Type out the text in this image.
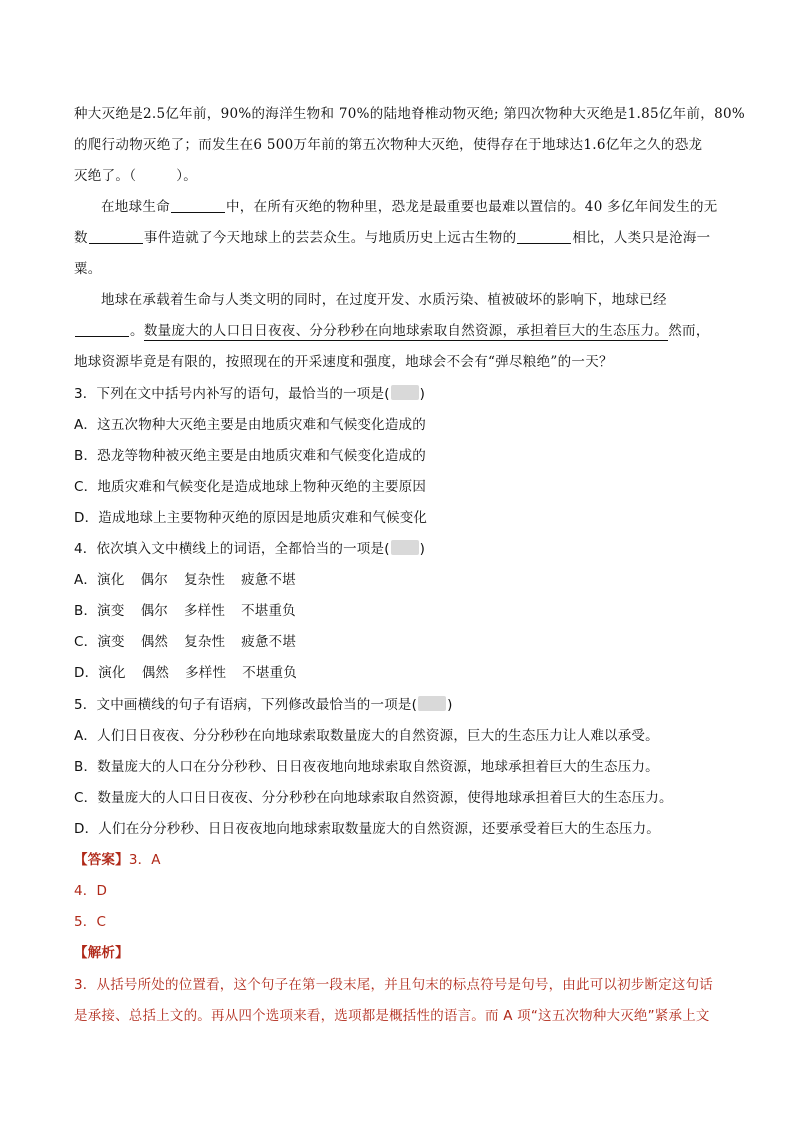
种大灭绝是2.5亿年前，90%的海洋生物和 70%的陆地脊椎动物灭绝; 第四次物种大灭绝是1.85亿年前，80%
的爬行动物灭绝了；而发生在6 500万年前的第五次物种大灭绝，使得存在于地球达1.6亿年之久的恐龙
灭绝了。（	）。
在地球生命	中，在所有灭绝的物种里，恐龙是最重要也最难以置信的。40 多亿年间发生的无
数	事件造就了今天地球上的芸芸众生。与地质历史上远古生物的	相比，人类只是沧海一
粟。
地球在承载着生命与人类文明的同时，在过度开发、水质污染、植被破坏的影响下，地球已经
。数量庞大的人口日日夜夜、分分秒秒在向地球索取自然资源，承担着巨大的生态压力。然而，
地球资源毕竟是有限的，按照现在的开采速度和强度，地球会不会有“弹尽粮绝”的一天？
3．下列在文中括号内补写的语句，最恰当的一项是( )
A．这五次物种大灭绝主要是由地质灾难和气候变化造成的
B．恐龙等物种被灭绝主要是由地质灾难和气候变化造成的
C．地质灾难和气候变化是造成地球上物种灭绝的主要原因
D．造成地球上主要物种灭绝的原因是地质灾难和气候变化
4．依次填入文中横线上的词语，全都恰当的一项是( )
A．演化 偶尔 复杂性 疲惫不堪
B．演变 偶尔 多样性 不堪重负
C．演变 偶然 复杂性 疲惫不堪
D．演化 偶然 多样性 不堪重负
5．文中画横线的句子有语病，下列修改最恰当的一项是( )
A．人们日日夜夜、分分秒秒在向地球索取数量庞大的自然资源，巨大的生态压力让人难以承受。
B．数量庞大的人口在分分秒秒、日日夜夜地向地球索取自然资源，地球承担着巨大的生态压力。
C．数量庞大的人口日日夜夜、分分秒秒在向地球索取自然资源，使得地球承担着巨大的生态压力。
D．人们在分分秒秒、日日夜夜地向地球索取数量庞大的自然资源，还要承受着巨大的生态压力。
【答案】3．A
4．D
5．C
【解析】
3．从括号所处的位置看，这个句子在第一段末尾，并且句末的标点符号是句号，由此可以初步断定这句话
是承接、总括上文的。再从四个选项来看，选项都是概括性的语言。而 A 项“这五次物种大灭绝”紧承上文
